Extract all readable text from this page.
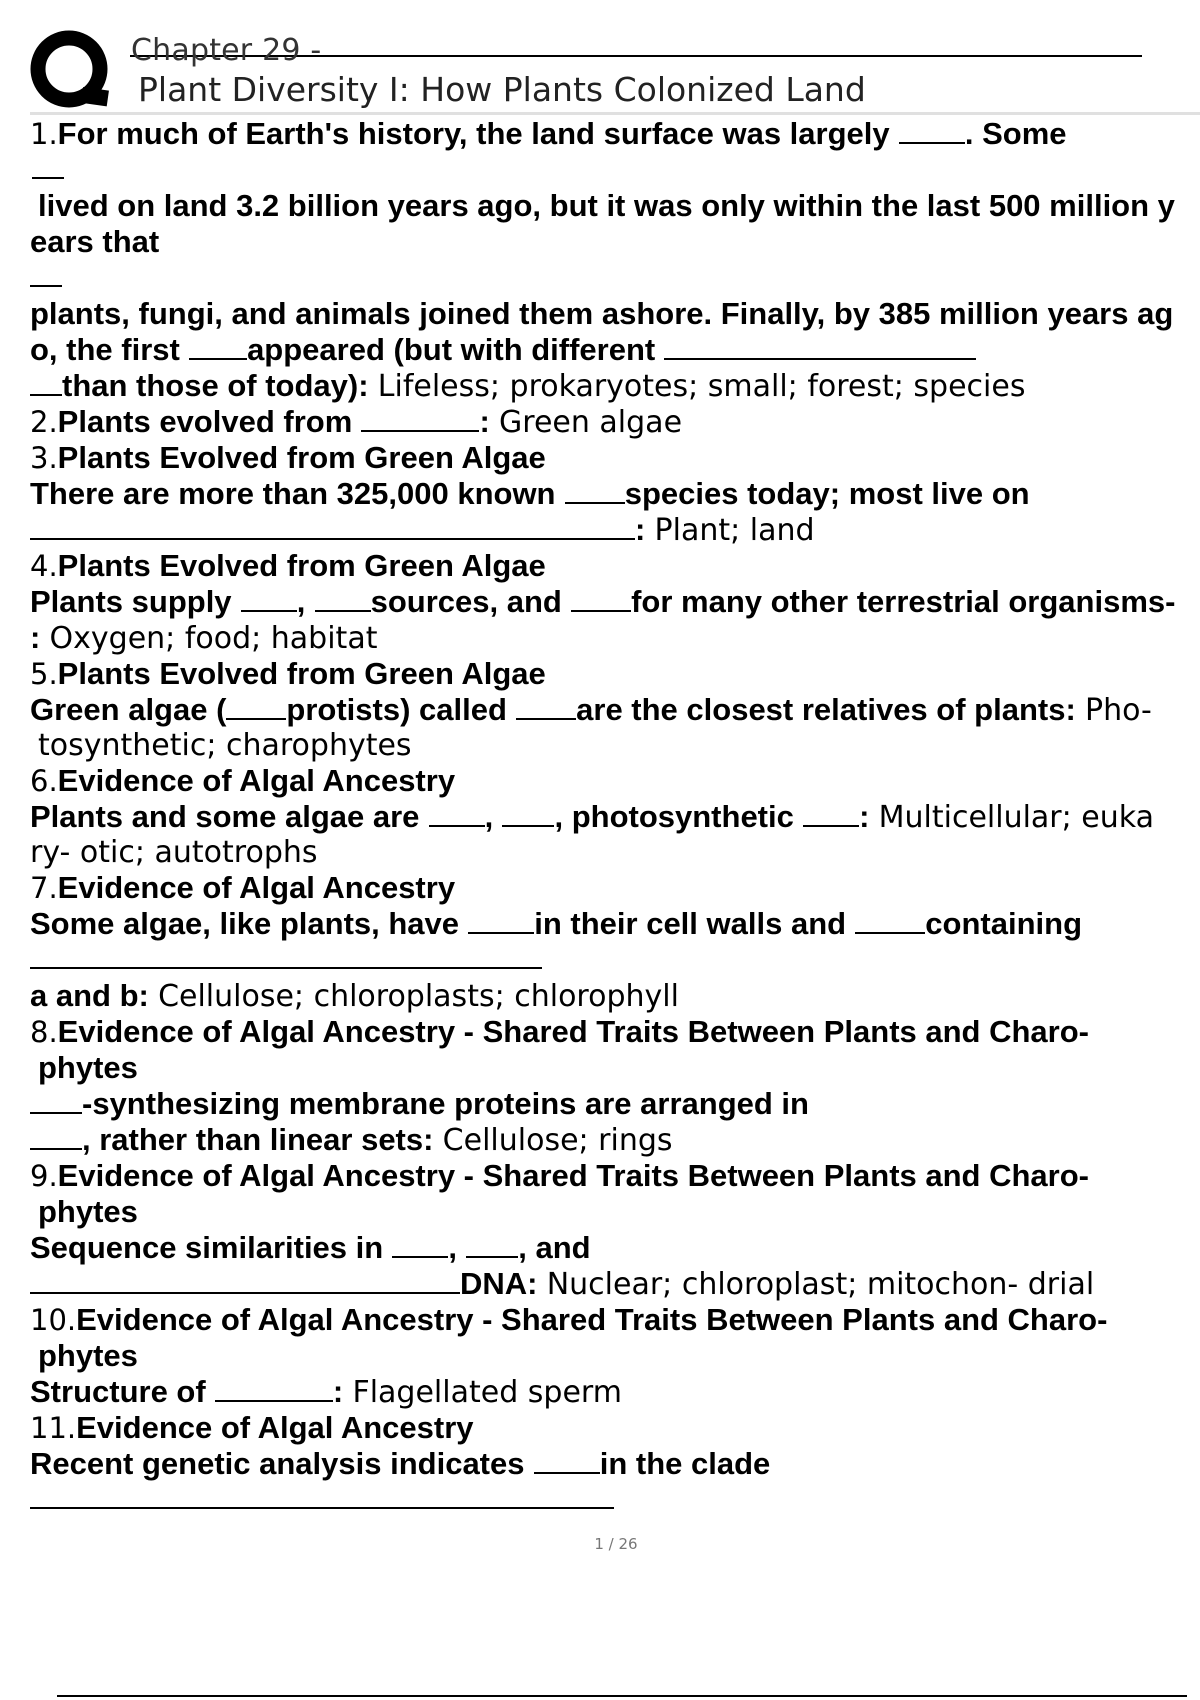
Chapter 29 -
Plant Diversity I: How Plants Colonized Land
1.For much of Earth's history, the land surface was largely . Some
lived on land 3.2 billion years ago, but it was only within the last 500 million y
ears that
plants, fungi, and animals joined them ashore. Finally, by 385 million years ag
o, the first appeared (but with different
than those of today): Lifeless; prokaryotes; small; forest; species
2.Plants evolved from	: Green algae
3.Plants Evolved from Green Algae
There are more than 325,000 known species today; most live on
: Plant; land
4.Plants Evolved from Green Algae
Plants supply , sources, and for many other terrestrial organisms-
: Oxygen; food; habitat
5.Plants Evolved from Green Algae
Green algae ( protists) called are the closest relatives of plants: Pho-
tosynthetic; charophytes
6.Evidence of Algal Ancestry
Plants and some algae are , , photosynthetic : Multicellular; euka
ry- otic; autotrophs
7.Evidence of Algal Ancestry
Some algae, like plants, have in their cell walls and	containing
a and b: Cellulose; chloroplasts; chlorophyll
8.Evidence of Algal Ancestry - Shared Traits Between Plants and Charo-
phytes
-synthesizing membrane proteins are arranged in
, rather than linear sets: Cellulose; rings
9.Evidence of Algal Ancestry - Shared Traits Between Plants and Charo-
phytes
Sequence similarities in , , and
DNA: Nuclear; chloroplast; mitochon- drial
10.Evidence of Algal Ancestry - Shared Traits Between Plants and Charo-
phytes
Structure of	: Flagellated sperm
11.Evidence of Algal Ancestry
Recent genetic analysis indicates in the clade
1 / 26
